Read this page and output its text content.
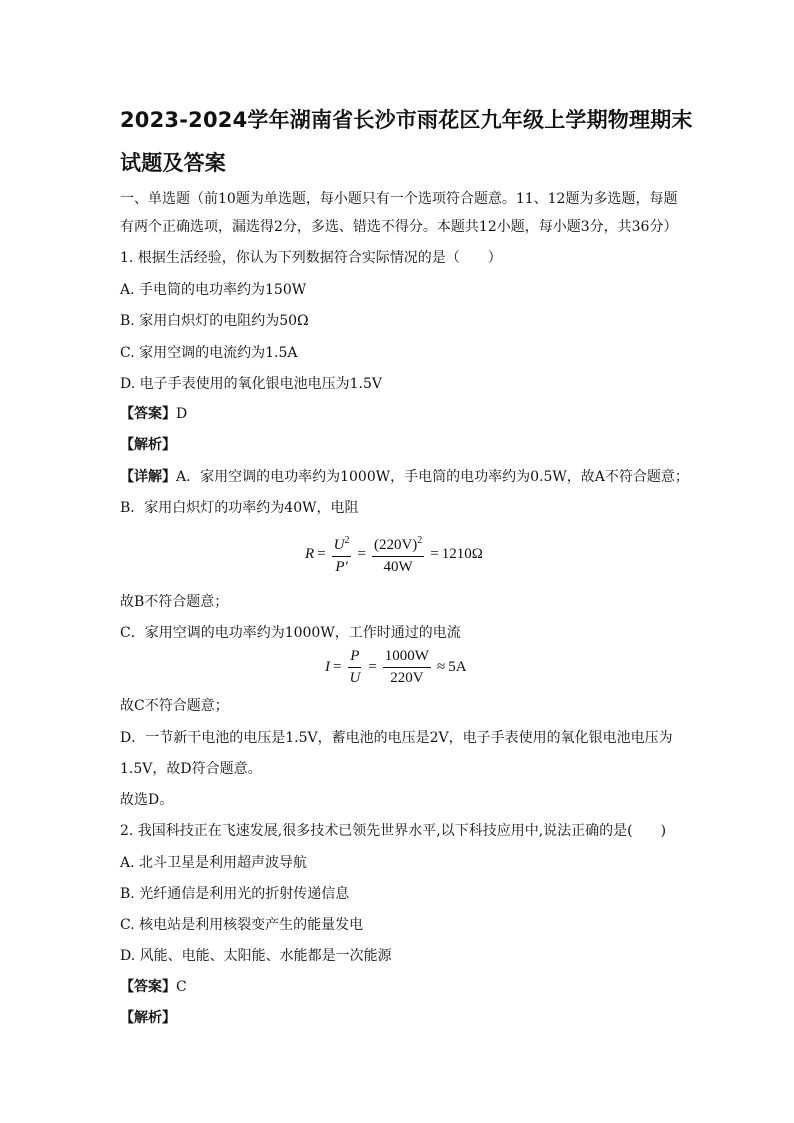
2023-2024学年湖南省长沙市雨花区九年级上学期物理期末
试题及答案
一、单选题（前10题为单选题，每小题只有一个选项符合题意。11、12题为多选题，每题
有两个正确选项，漏选得2分，多选、错选不得分。本题共12小题，每小题3分，共36分）
1. 根据生活经验，你认为下列数据符合实际情况的是（　　）
A. 手电筒的电功率约为150W
B. 家用白炽灯的电阻约为50Ω
C. 家用空调的电流约为1.5A
D. 电子手表使用的氧化银电池电压为1.5V
【答案】D
【解析】
【详解】A．家用空调的电功率约为1000W，手电筒的电功率约为0.5W，故A不符合题意；
B．家用白炽灯的功率约为40W，电阻
$R = \frac{U^2}{P'} = \frac{(220V)^2}{40W} = 1210\Omega$
故B不符合题意；
C．家用空调的电功率约为1000W，工作时通过的电流
$I = \frac{P}{U} = \frac{1000W}{220V} \approx 5A$
故C不符合题意；
D．一节新干电池的电压是1.5V，蓄电池的电压是2V，电子手表使用的氧化银电池电压为
1.5V，故D符合题意。
故选D。
2. 我国科技正在飞速发展,很多技术已领先世界水平,以下科技应用中,说法正确的是(　　)
A. 北斗卫星是利用超声波导航
B. 光纤通信是利用光的折射传递信息
C. 核电站是利用核裂变产生的能量发电
D. 风能、电能、太阳能、水能都是一次能源
【答案】C
【解析】
